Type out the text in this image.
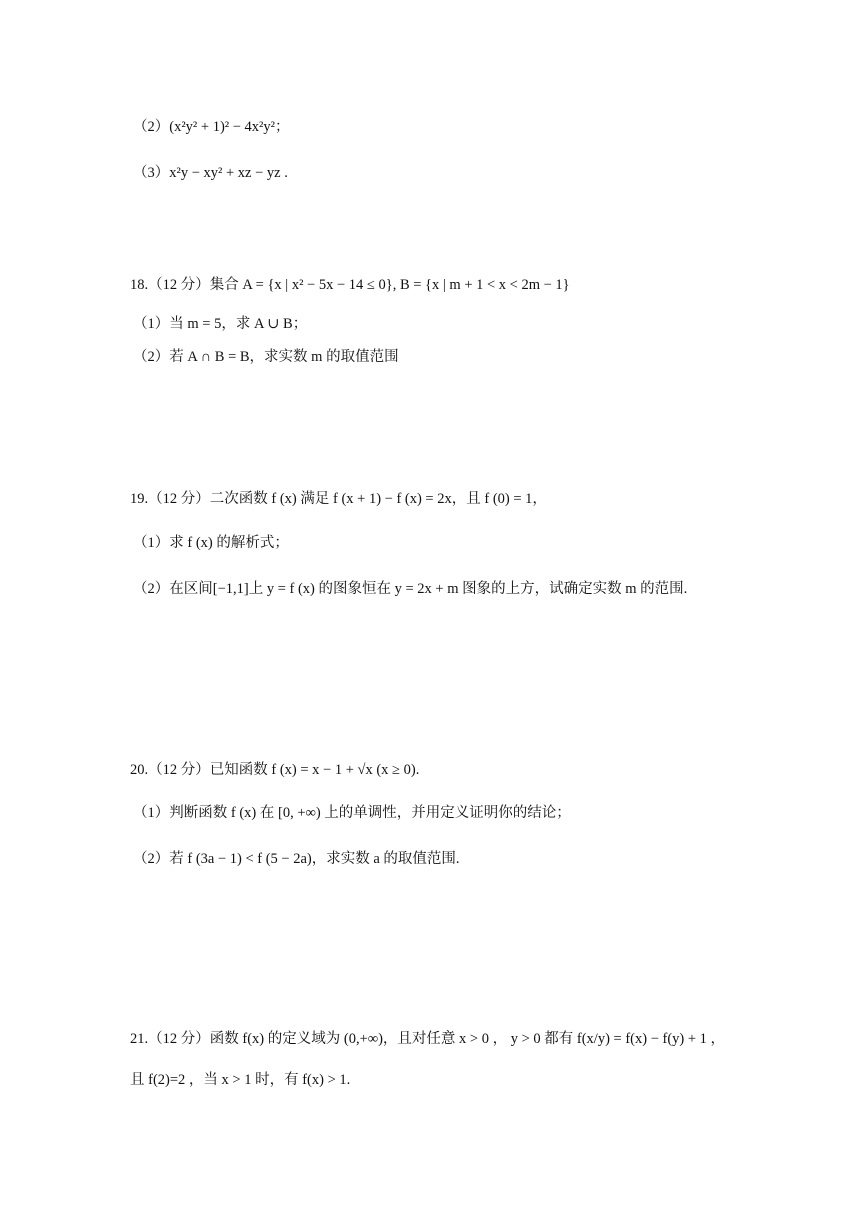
（2）(x²y² + 1)² − 4x²y²；
（3）x²y − xy² + xz − yz .
18.（12 分）集合 A = {x | x² − 5x − 14 ≤ 0}, B = {x | m + 1 < x < 2m − 1}
（1）当 m = 5，求 A ∪ B；
（2）若 A ∩ B = B，求实数 m 的取值范围
19.（12 分）二次函数 f (x) 满足 f (x + 1) − f (x) = 2x，且 f (0) = 1，
（1）求 f (x) 的解析式；
（2）在区间[−1,1]上 y = f (x) 的图象恒在 y = 2x + m 图象的上方，试确定实数 m 的范围.
20.（12 分）已知函数 f (x) = x − 1 + √x (x ≥ 0).
（1）判断函数 f (x) 在 [0, +∞) 上的单调性，并用定义证明你的结论；
（2）若 f (3a − 1) < f (5 − 2a)，求实数 a 的取值范围.
21.（12 分）函数 f(x) 的定义域为 (0,+∞)，且对任意 x > 0 ， y > 0 都有 f(x/y) = f(x) − f(y) + 1 ，
且 f(2)=2 ，当 x > 1 时，有 f(x) > 1.
